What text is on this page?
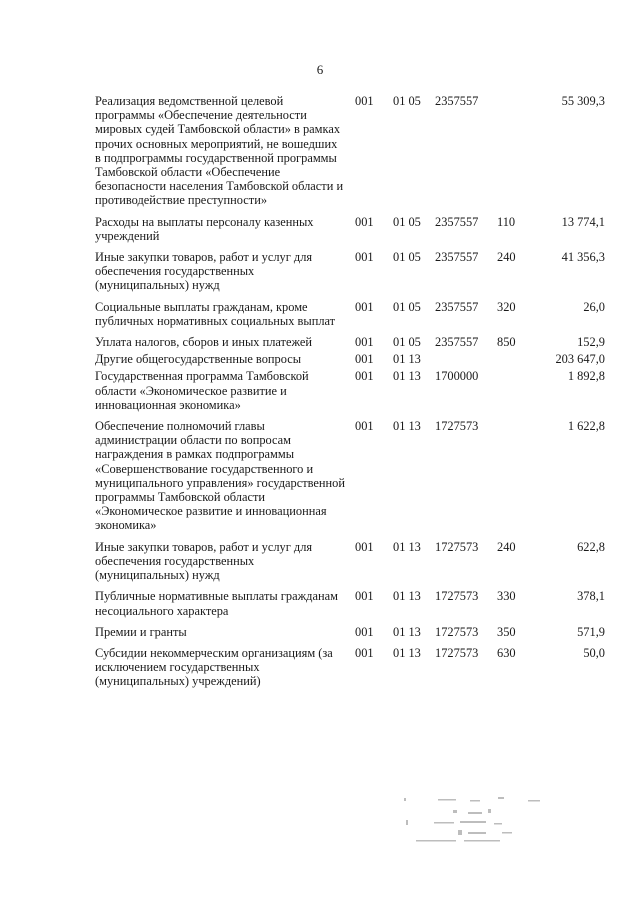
6
Реализация ведомственной целевой программы «Обеспечение деятельности мировых судей Тамбовской области» в рамках прочих основных мероприятий, не вошедших в подпрограммы государственной программы Тамбовской области «Обеспечение безопасности населения Тамбовской области и противодействие преступности»	001	01 05	2357557		55 309,3
Расходы на выплаты персоналу казенных учреждений	001	01 05	2357557	110	13 774,1
Иные закупки товаров, работ и услуг для обеспечения государственных (муниципальных) нужд	001	01 05	2357557	240	41 356,3
Социальные выплаты гражданам, кроме публичных нормативных социальных выплат	001	01 05	2357557	320	26,0
Уплата налогов, сборов и иных платежей	001	01 05	2357557	850	152,9
Другие общегосударственные вопросы	001	01 13			203 647,0
Государственная программа Тамбовской области «Экономическое развитие и инновационная экономика»	001	01 13	1700000		1 892,8
Обеспечение полномочий главы администрации области по вопросам награждения в рамках подпрограммы «Совершенствование государственного и муниципального управления» государственной программы Тамбовской области «Экономическое развитие и инновационная экономика»	001	01 13	1727573		1 622,8
Иные закупки товаров, работ и услуг для обеспечения государственных (муниципальных) нужд	001	01 13	1727573	240	622,8
Публичные нормативные выплаты гражданам несоциального характера	001	01 13	1727573	330	378,1
Премии и гранты	001	01 13	1727573	350	571,9
Субсидии некоммерческим организациям (за исключением государственных (муниципальных) учреждений)	001	01 13	1727573	630	50,0
